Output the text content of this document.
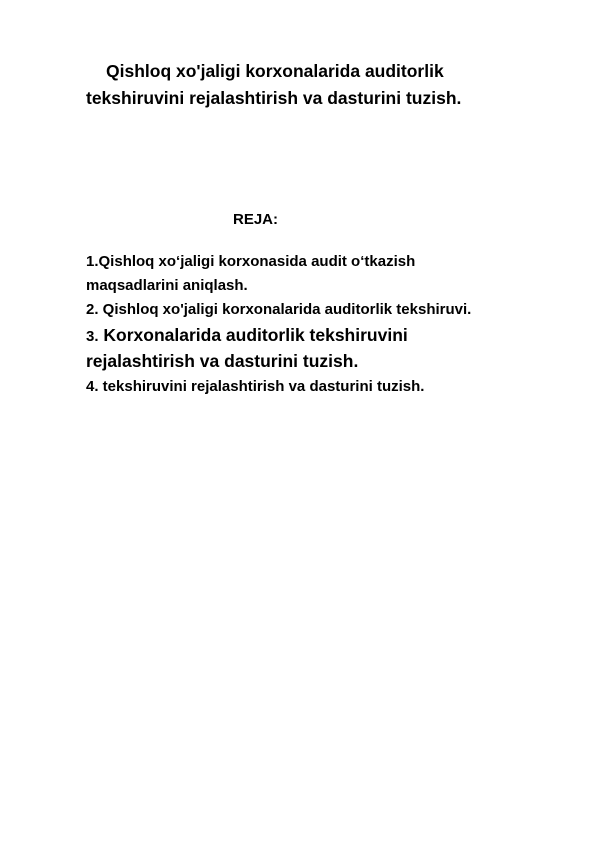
Qishloq xo'jaligi korxonalarida auditorlik
tekshiruvini rejalashtirish va dasturini tuzish.
REJA:
1.Qishloq xo‘jaligi korxonasida audit o‘tkazish
maqsadlarini aniqlash.
2. Qishloq xo'jaligi korxonalarida auditorlik tekshiruvi.
3. Korxonalarida auditorlik tekshiruvini
rejalashtirish va dasturini tuzish.
4. tekshiruvini rejalashtirish va dasturini tuzish.
